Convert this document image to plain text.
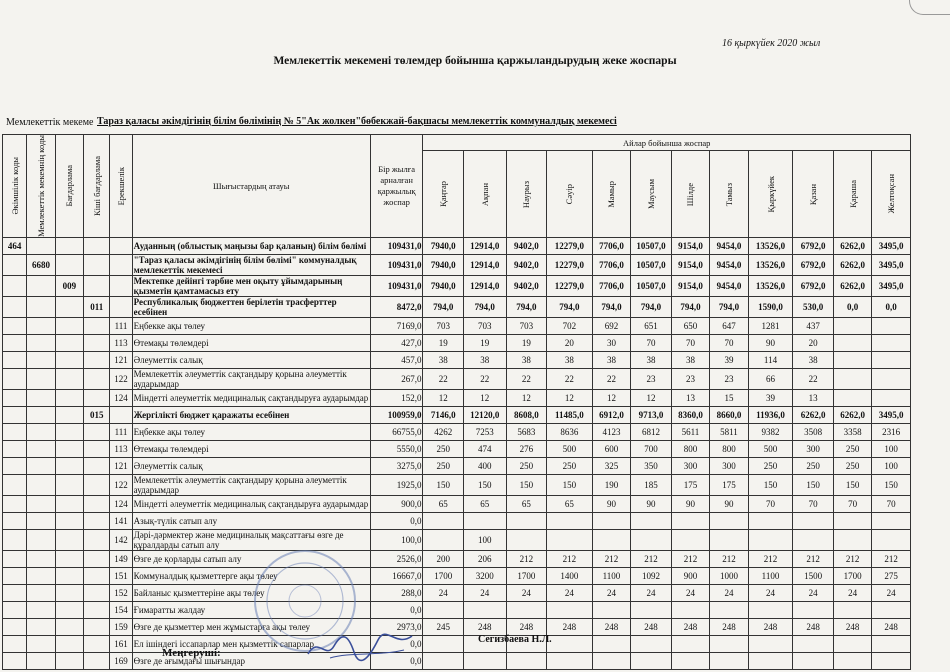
16 қыркүйек 2020 жыл
Мемлекеттік мекеменi төлемдер бойынша қаржыландырудың жеке жоспары
Мемлекеттік мекеме Тараз қаласы әкімдігінің білім бөлімінің № 5"Ак жолкен"бөбекжай-бақшасы мемлекеттік коммуналдық мекемесі
Әкімшілік коды	Мемлекеттік мекемнің коды	Бағдарлама	Кіші бағдарлама	Ерекшелік	Шығыстардың атауы	Бір жылға арналған қаржылық жоспар	Айлар бойынша жоспар											

							Қаңтар	Ақпан	Наурыз	Сәуір	Мамыр	Маусым	Шілде	Тамыз	Қыркүйек	Қазан	Қараша	Желтоқсан

464					Ауданның (облыстық маңызы бар қаланың) білім бөлімі	109431,0	7940,0	12914,0	9402,0	12279,0	7706,0	10507,0	9154,0	9454,0	13526,0	6792,0	6262,0	3495,0
	6680				"Тараз қаласы әкімдігінің білім бөлімі" коммуналдық мемлекеттік мекемесі	109431,0	7940,0	12914,0	9402,0	12279,0	7706,0	10507,0	9154,0	9454,0	13526,0	6792,0	6262,0	3495,0
		009			Мектепке дейінгі тәрбие мен оқыту ұйымдарының қызметін қамтамасыз ету	109431,0	7940,0	12914,0	9402,0	12279,0	7706,0	10507,0	9154,0	9454,0	13526,0	6792,0	6262,0	3495,0
			011		Республикалық бюджеттен берілетін трасферттер есебінен	8472,0	794,0	794,0	794,0	794,0	794,0	794,0	794,0	794,0	1590,0	530,0	0,0	0,0
				111	Еңбекке ақы төлеу	7169,0	703	703	703	702	692	651	650	647	1281	437		
				113	Өтемақы төлемдері	427,0	19	19	19	20	30	70	70	70	90	20		
				121	Әлеуметтік салық	457,0	38	38	38	38	38	38	38	39	114	38		
				122	Мемлекеттік әлеуметтік сақтандыру қорына әлеуметтік аударымдар	267,0	22	22	22	22	22	23	23	23	66	22		
				124	Міндетті әлеуметтік медициналық сақтандыруға аударымдар	152,0	12	12	12	12	12	12	13	15	39	13		
			015		Жергілікті бюджет қаражаты есебінен	100959,0	7146,0	12120,0	8608,0	11485,0	6912,0	9713,0	8360,0	8660,0	11936,0	6262,0	6262,0	3495,0
				111	Еңбекке ақы төлеу	66755,0	4262	7253	5683	8636	4123	6812	5611	5811	9382	3508	3358	2316
				113	Өтемақы төлемдері	5550,0	250	474	276	500	600	700	800	800	500	300	250	100
				121	Әлеуметтік салық	3275,0	250	400	250	250	325	350	300	300	250	250	250	100
				122	Мемлекеттік әлеуметтік сақтандыру қорына әлеуметтік аударымдар	1925,0	150	150	150	150	190	185	175	175	150	150	150	150
				124	Міндетті әлеуметтік медициналық сақтандыруға аударымдар	900,0	65	65	65	65	90	90	90	90	70	70	70	70
				141	Азық-түлік сатып алу	0,0												
				142	Дәрі-дәрмектер және медициналық мақсаттағы өзге де құралдарды сатып алу	100,0		100										
				149	Өзге де қорларды сатып алу	2526,0	200	206	212	212	212	212	212	212	212	212	212	212
				151	Коммуналдық қызметтерге ақы төлеу	16667,0	1700	3200	1700	1400	1100	1092	900	1000	1100	1500	1700	275
				152	Байланыс қызметтеріне ақы төлеу	288,0	24	24	24	24	24	24	24	24	24	24	24	24
				154	Ғимаратты жалдау	0,0												
				159	Өзге де қызметтер мен жұмыстарға ақы төлеу	2973,0	245	248	248	248	248	248	248	248	248	248	248	248
				161	Ел ішіндегі іссапарлар мен қызметтік сапарлар	0,0												
				169	Өзге де ағымдағы шығындар	0,0												
Меңгеруші:
Сегизбаева Н.Л.
